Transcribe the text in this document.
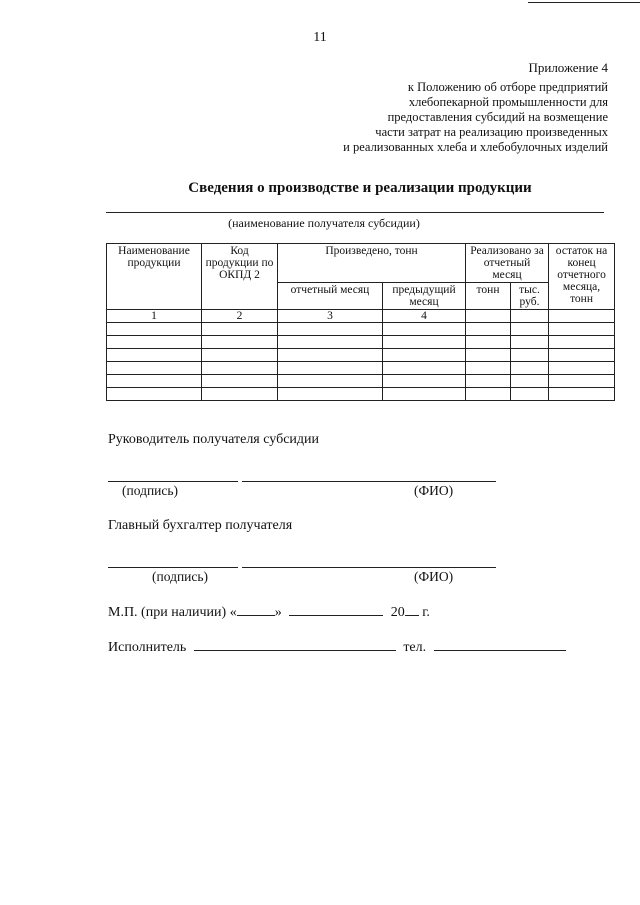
11
Приложение 4
к Положению об отборе предприятий
хлебопекарной промышленности для
предоставления субсидий на возмещение
части затрат на реализацию произведенных
и реализованных хлеба и хлебобулочных изделий
Сведения о производстве и реализации продукции
(наименование получателя субсидии)
Наименование продукции	Код продукции по ОКПД 2	Произведено, тонн		Реализовано за отчетный месяц		остаток на конец отчетного месяца, тонн
		отчетный месяц	предыдущий месяц	тонн	тыс. руб.	
1	2	3	4			

Руководитель получателя субсидии
(подпись)	(ФИО)
Главный бухгалтер получателя
(подпись)	(ФИО)
М.П. (при наличии) «	»	20 г.
Исполнитель	тел.
